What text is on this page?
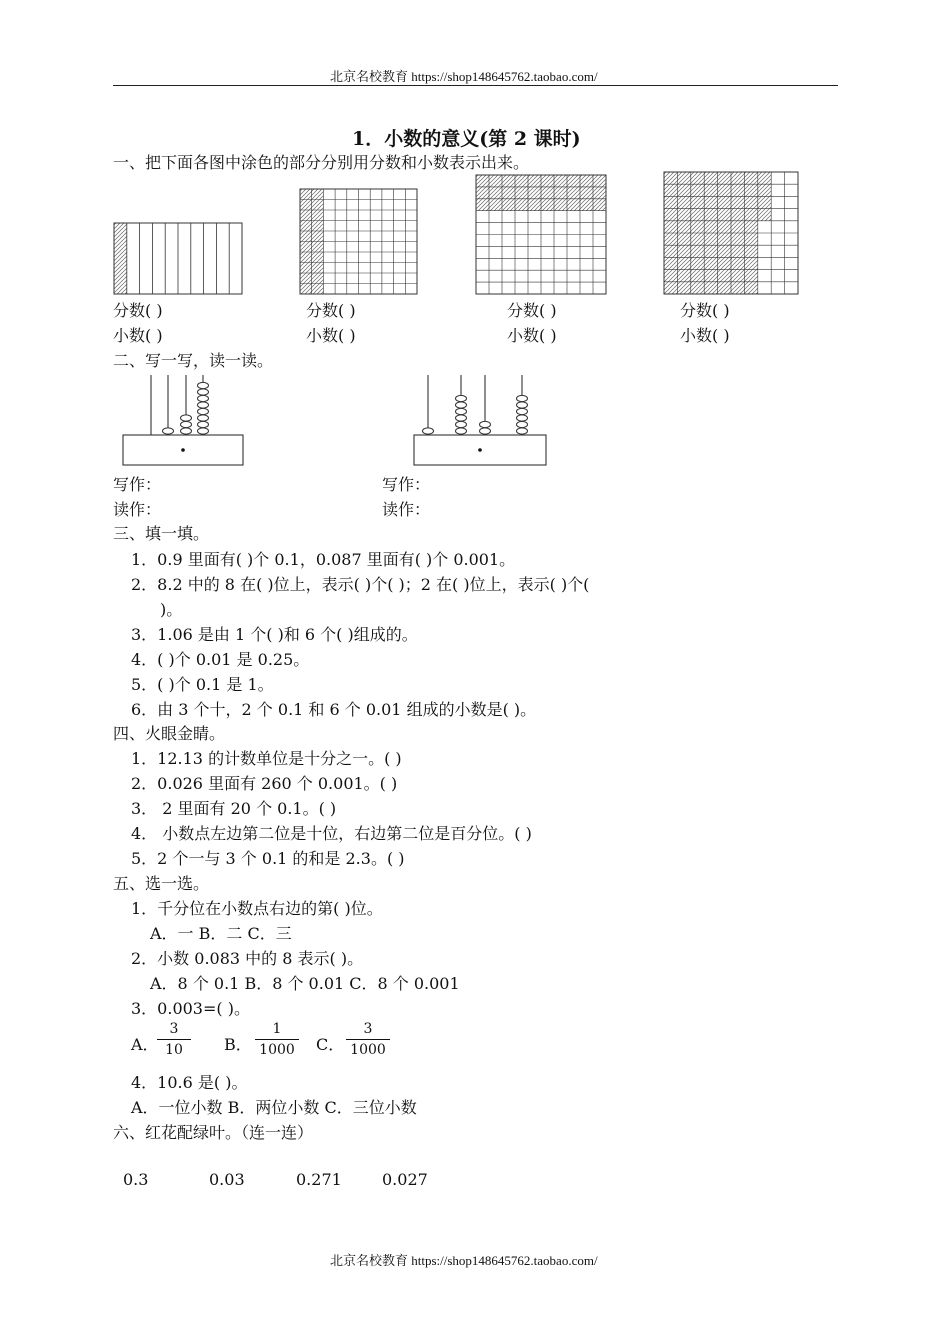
北京名校教育 https://shop148645762.taobao.com/
北京名校教育 https://shop148645762.taobao.com/
1．小数的意义(第 2 课时)
一、把下面各图中涂色的部分分别用分数和小数表示出来。
分数( )
小数( )
分数( )
小数( )
分数( )
小数( )
分数( )
小数( )
二、写一写，读一读。
写作：
读作：
写作：
读作：
三、填一填。
1．0.9 里面有( )个 0.1，0.087 里面有( )个 0.001。
2．8.2 中的 8 在( )位上，表示( )个( )；2 在( )位上，表示( )个(
)。
3．1.06 是由 1 个( )和 6 个( )组成的。
4．( )个 0.01 是 0.25。
5．( )个 0.1 是 1。
6．由 3 个十，2 个 0.1 和 6 个 0.01 组成的小数是( )。
四、火眼金睛。
1．12.13 的计数单位是十分之一。( )
2．0.026 里面有 260 个 0.001。( )
3． 2 里面有 20 个 0.1。( )
4． 小数点左边第二位是十位，右边第二位是百分位。( )
5．2 个一与 3 个 0.1 的和是 2.3。( )
五、选一选。
1．千分位在小数点右边的第( )位。
A．一 B．二 C．三
2．小数 0.083 中的 8 表示( )。
A．8 个 0.1 B．8 个 0.01 C．8 个 0.001
3．0.003=( )。
A．
3
10	B．
1
1000 C．
3
1000
4．10.6 是( )。
A．一位小数 B．两位小数 C．三位小数
六、红花配绿叶。（连一连）
0.3	0.03	0.271	0.027
